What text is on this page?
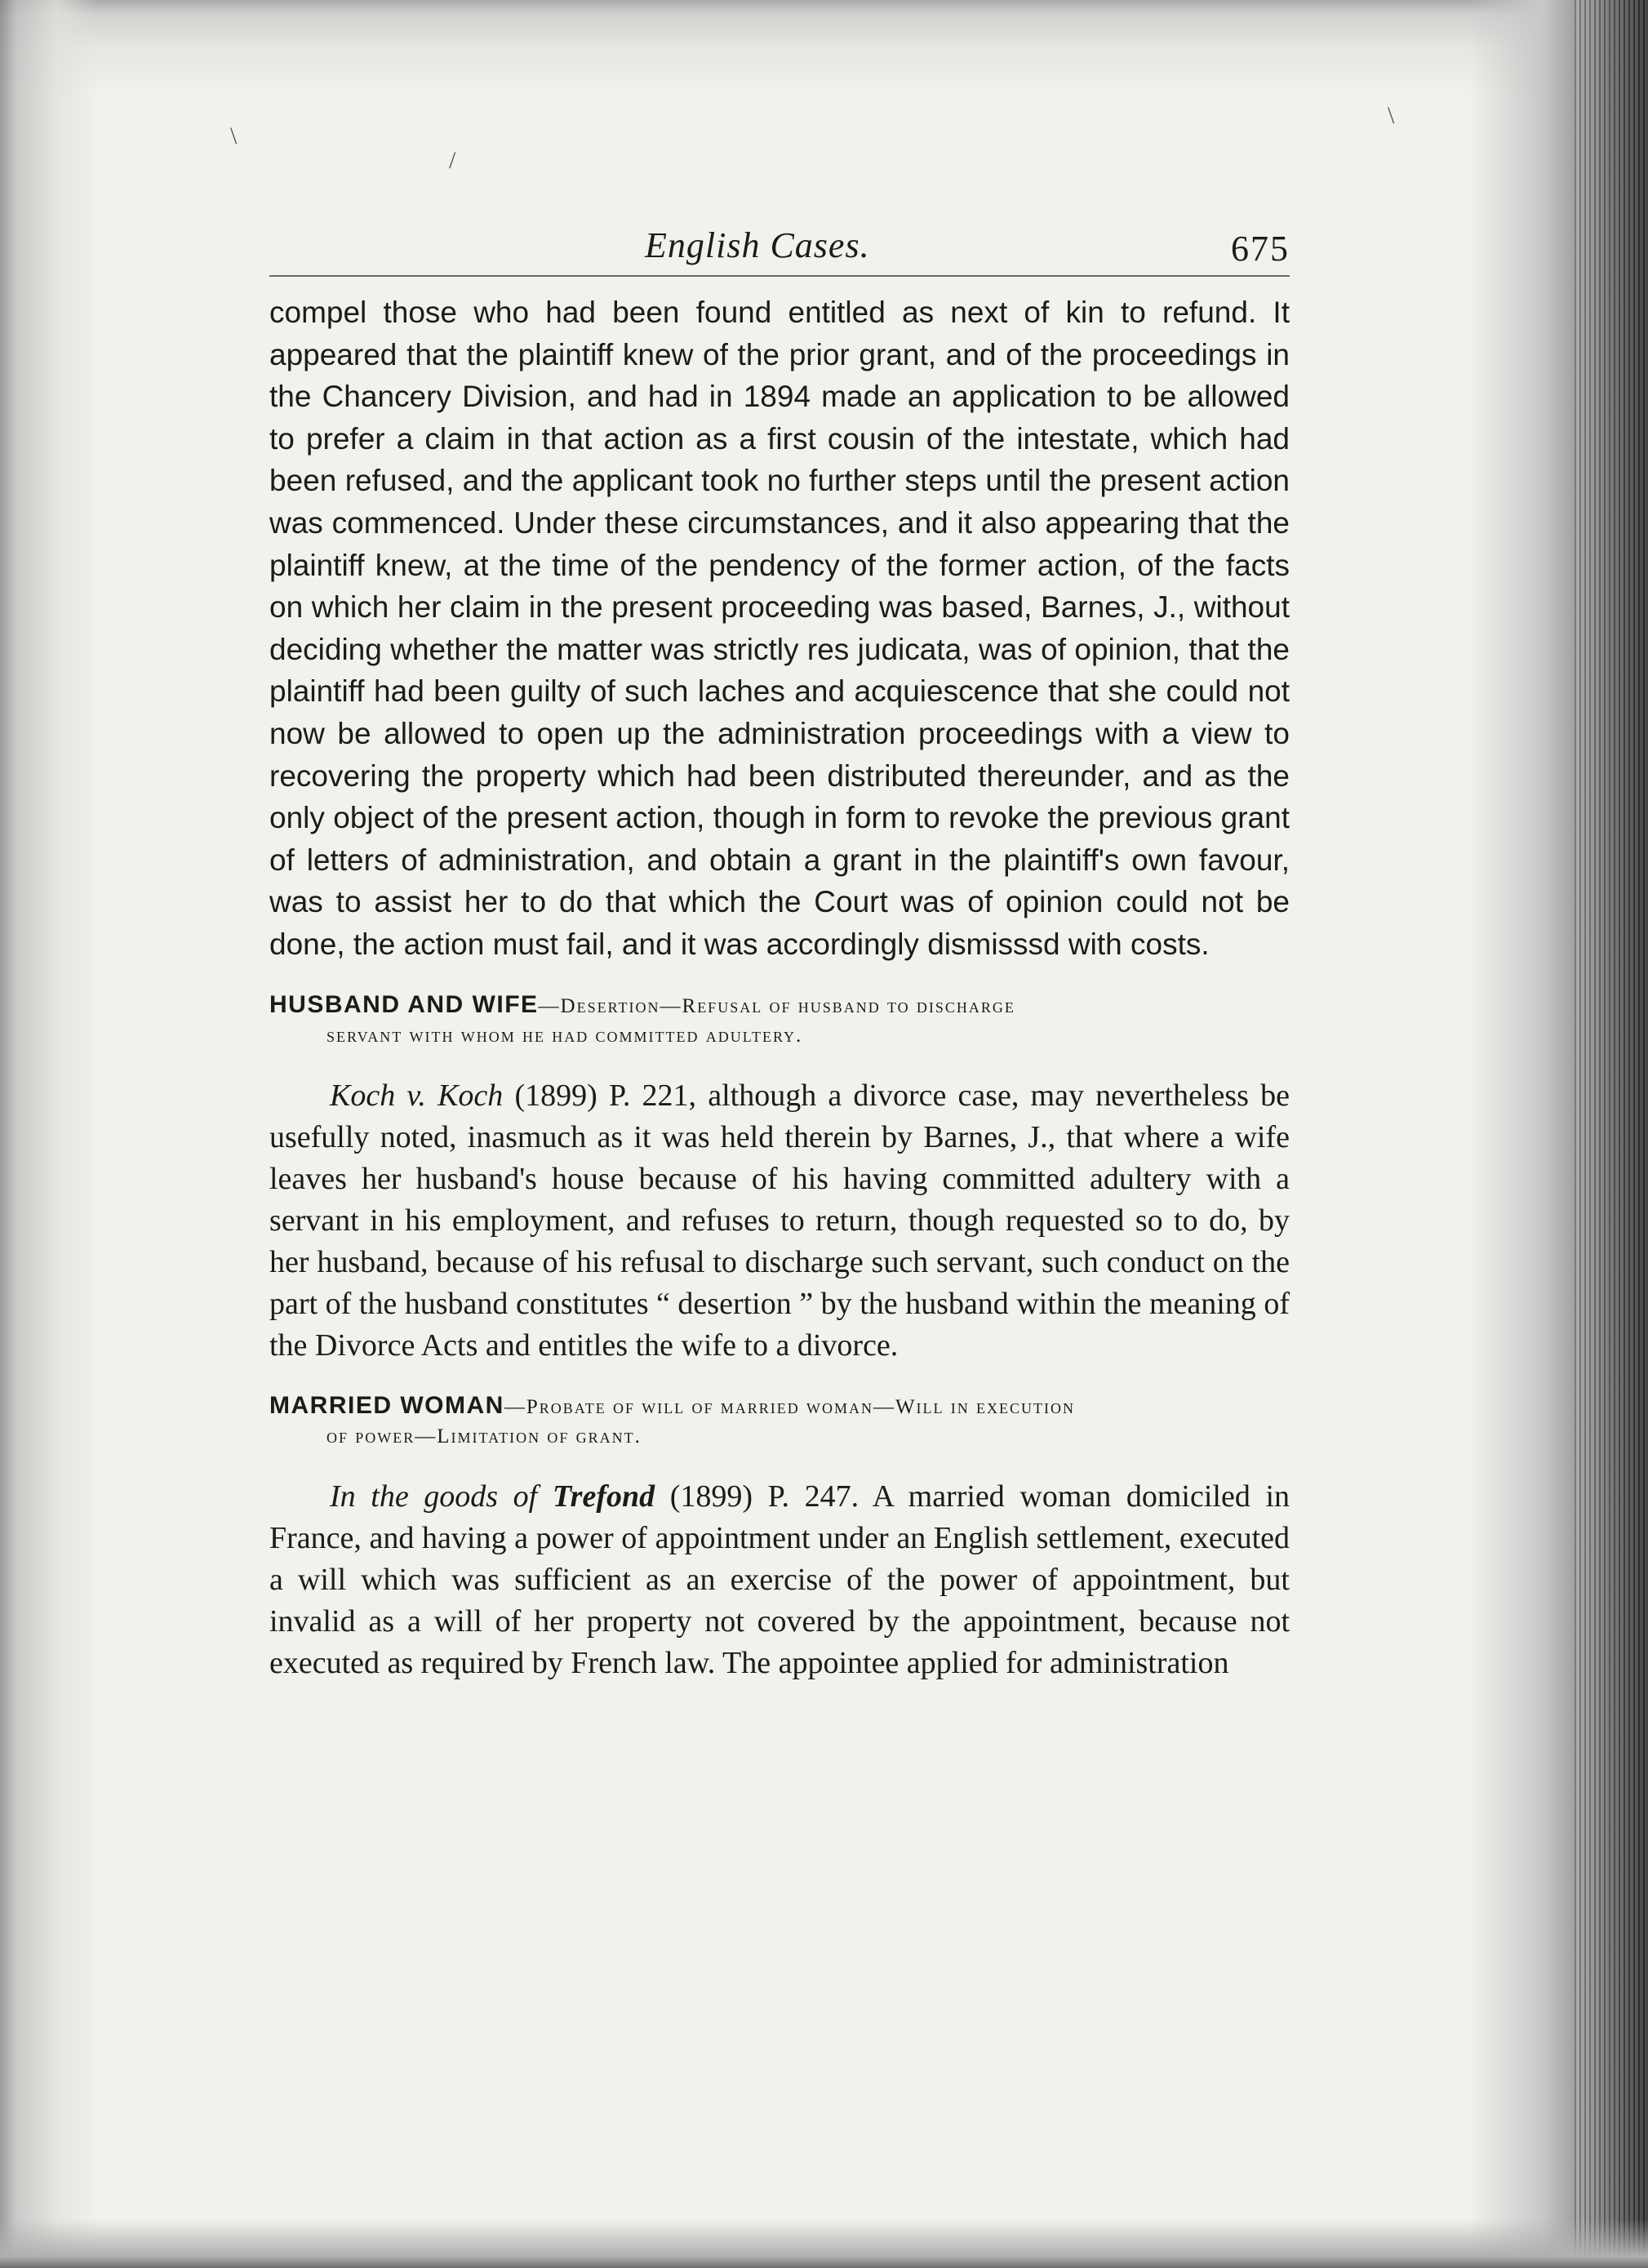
\
/
\
English Cases.	675

compel those who had been found entitled as next of kin to refund. It appeared that the plaintiff knew of the prior grant, and of the proceedings in the Chancery Division, and had in 1894 made an application to be allowed to prefer a claim in that action as a first cousin of the intestate, which had been refused, and the applicant took no further steps until the present action was commenced. Under these circumstances, and it also appearing that the plaintiff knew, at the time of the pendency of the former action, of the facts on which her claim in the present proceeding was based, Barnes, J., without deciding whether the matter was strictly res judicata, was of opinion, that the plaintiff had been guilty of such laches and acquiescence that she could not now be allowed to open up the administration proceedings with a view to recovering the property which had been distributed thereunder, and as the only object of the present action, though in form to revoke the previous grant of letters of administration, and obtain a grant in the plaintiff's own favour, was to assist her to do that which the Court was of opinion could not be done, the action must fail, and it was accordingly dismisssd with costs.

HUSBAND AND WIFE—Desertion—Refusal of husband to discharge
servant with whom he had committed adultery.

Koch v. Koch (1899) P. 221, although a divorce case, may nevertheless be usefully noted, inasmuch as it was held therein by Barnes, J., that where a wife leaves her husband's house because of his having committed adultery with a servant in his employment, and refuses to return, though requested so to do, by her husband, because of his refusal to discharge such servant, such conduct on the part of the husband constitutes “ desertion ” by the husband within the meaning of the Divorce Acts and entitles the wife to a divorce.

MARRIED WOMAN—Probate of will of married woman—Will in execution
of power—Limitation of grant.

In the goods of Trefond (1899) P. 247. A married woman domiciled in France, and having a power of appointment under an English settlement, executed a will which was sufficient as an exercise of the power of appointment, but invalid as a will of her property not covered by the appointment, because not executed as required by French law. The appointee applied for administration
